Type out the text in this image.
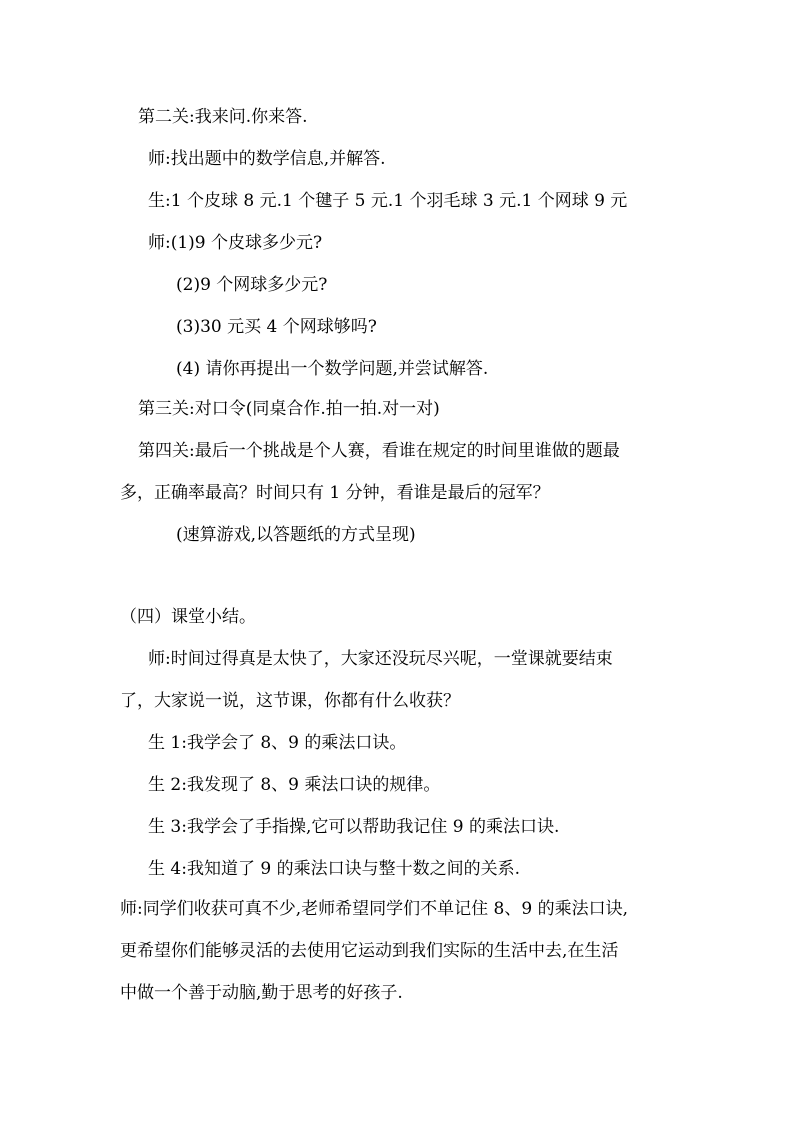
第二关:我来问.你来答.
师:找出题中的数学信息,并解答.
生:1 个皮球 8 元.1 个毽子 5 元.1 个羽毛球 3 元.1 个网球 9 元
师:(1)9 个皮球多少元?
(2)9 个网球多少元?
(3)30 元买 4 个网球够吗?
(4) 请你再提出一个数学问题,并尝试解答.
第三关:对口令(同桌合作.拍一拍.对一对)
第四关:最后一个挑战是个人赛，看谁在规定的时间里谁做的题最
多，正确率最高？时间只有 1 分钟，看谁是最后的冠军？
(速算游戏,以答题纸的方式呈现)
（四）课堂小结。
师:时间过得真是太快了，大家还没玩尽兴呢，一堂课就要结束
了，大家说一说，这节课，你都有什么收获？
生 1:我学会了 8、9 的乘法口诀。
生 2:我发现了 8、9 乘法口诀的规律。
生 3:我学会了手指操,它可以帮助我记住 9 的乘法口诀.
生 4:我知道了 9 的乘法口诀与整十数之间的关系.
师:同学们收获可真不少,老师希望同学们不单记住 8、9 的乘法口诀,
更希望你们能够灵活的去使用它运动到我们实际的生活中去,在生活
中做一个善于动脑,勤于思考的好孩子.
